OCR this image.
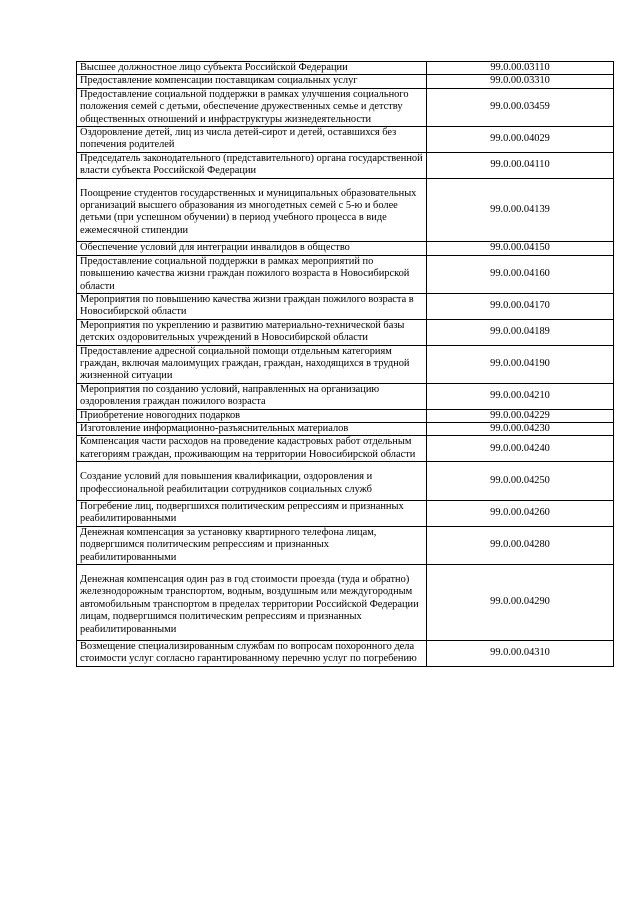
Высшее должностное лицо субъекта Российской Федерации	99.0.00.03110
Предоставление компенсации поставщикам социальных услуг	99.0.00.03310
Предоставление социальной поддержки в рамках улучшения социального положения семей с детьми, обеспечение дружественных семье и детству общественных отношений и инфраструктуры жизнедеятельности	99.0.00.03459
Оздоровление детей, лиц из числа детей-сирот и детей, оставшихся без попечения родителей	99.0.00.04029
Председатель законодательного (представительного) органа государственной власти субъекта Российской Федерации	99.0.00.04110
Поощрение студентов государственных и муниципальных образовательных организаций высшего образования из многодетных семей с 5-ю и более детьми (при успешном обучении) в период учебного процесса в виде ежемесячной стипендии	99.0.00.04139
Обеспечение условий для интеграции инвалидов в общество	99.0.00.04150
Предоставление социальной поддержки в рамках мероприятий по повышению качества жизни граждан пожилого возраста в Новосибирской области	99.0.00.04160
Мероприятия по повышению качества жизни граждан пожилого возраста в Новосибирской области	99.0.00.04170
Мероприятия по укреплению и развитию материально-технической базы детских оздоровительных учреждений в Новосибирской области	99.0.00.04189
Предоставление адресной социальной помощи отдельным категориям граждан, включая малоимущих граждан, граждан, находящихся в трудной жизненной ситуации	99.0.00.04190
Мероприятия по созданию условий, направленных на организацию оздоровления граждан пожилого возраста	99.0.00.04210
Приобретение новогодних подарков	99.0.00.04229
Изготовление информационно-разъяснительных материалов	99.0.00.04230
Компенсация части расходов на проведение кадастровых работ отдельным категориям граждан, проживающим на территории Новосибирской области	99.0.00.04240
Создание условий для повышения квалификации, оздоровления и профессиональной реабилитации сотрудников социальных служб	99.0.00.04250
Погребение лиц, подвергшихся политическим репрессиям и признанных реабилитированными	99.0.00.04260
Денежная компенсация за установку квартирного телефона лицам, подвергшимся политическим репрессиям и признанных реабилитированными	99.0.00.04280
Денежная компенсация один раз в год стоимости проезда (туда и обратно) железнодорожным транспортом, водным, воздушным или междугородным автомобильным транспортом в пределах территории Российской Федерации лицам, подвергшимся политическим репрессиям и признанных реабилитированными	99.0.00.04290
Возмещение специализированным службам по вопросам похоронного дела стоимости услуг согласно гарантированному перечню услуг по погребению	99.0.00.04310
